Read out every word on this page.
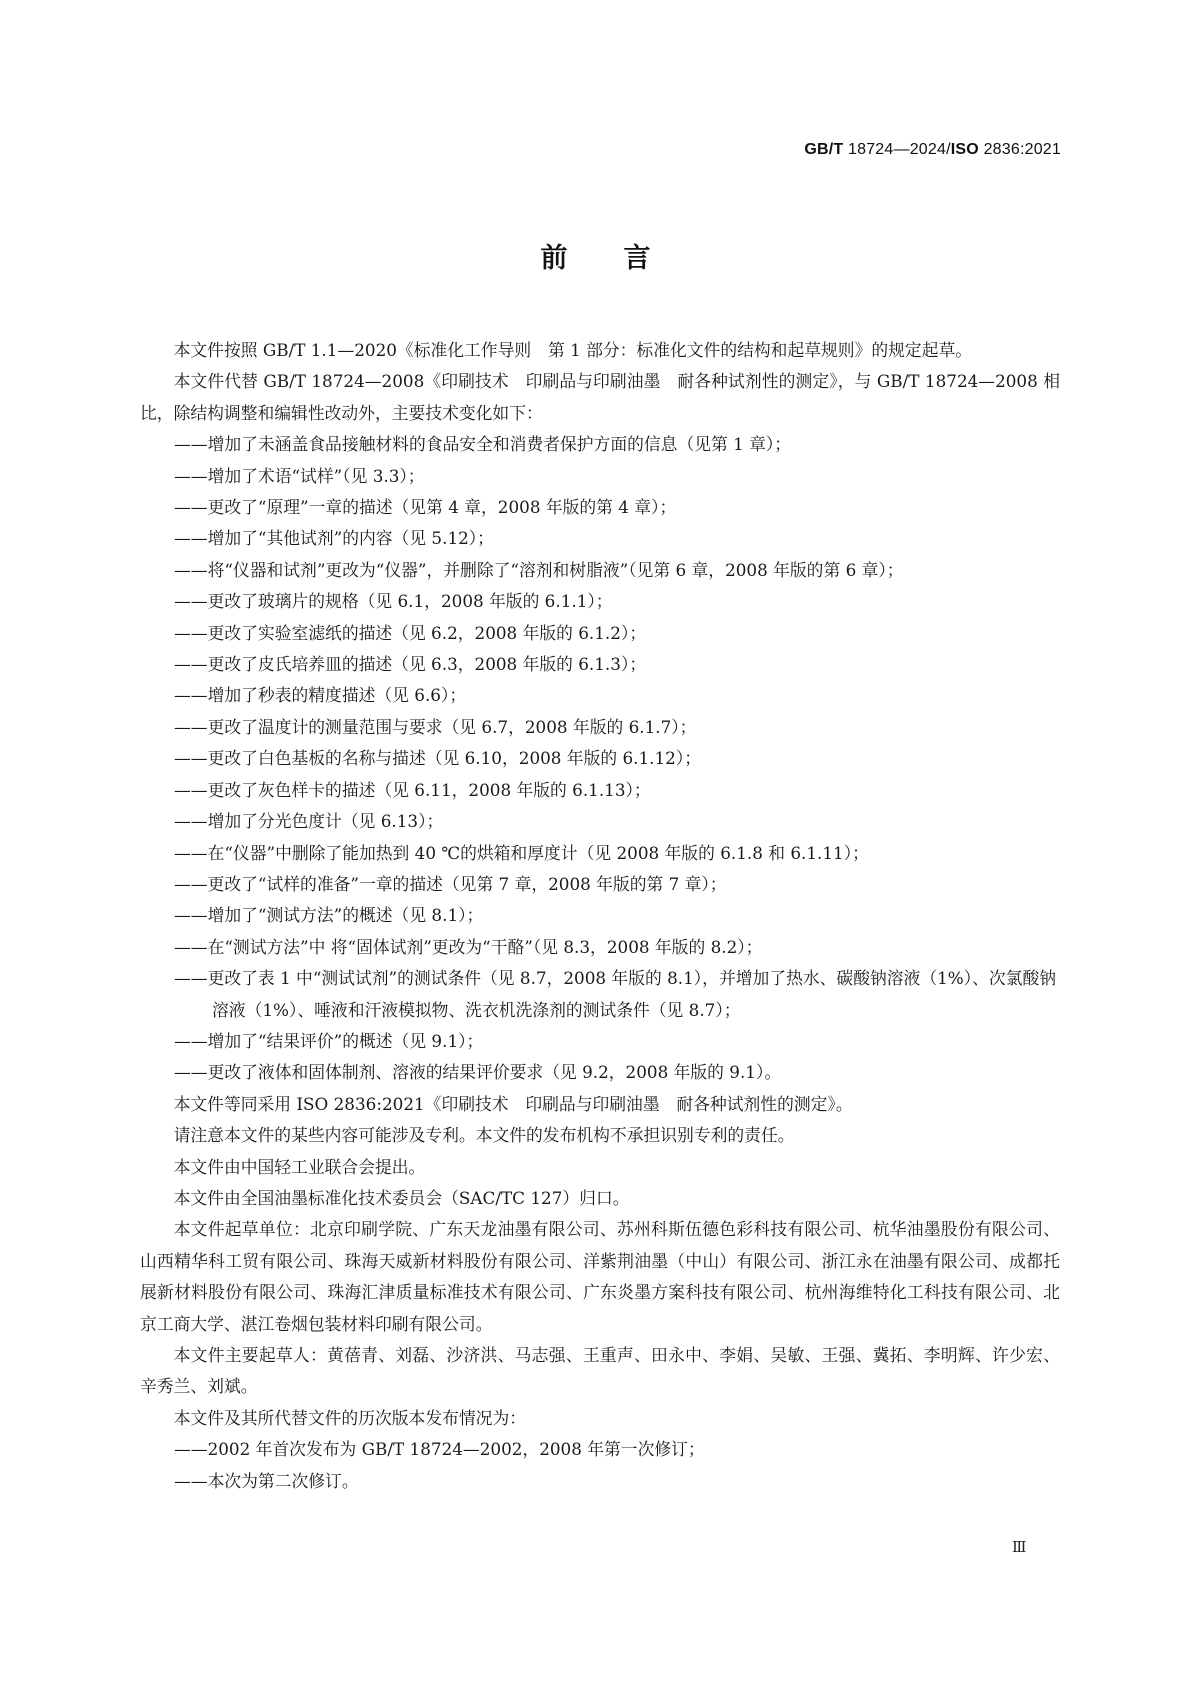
GB/T 18724—2024/ISO 2836:2021
前言

本文件按照 GB/T 1.1—2020《标准化工作导则　第 1 部分：标准化文件的结构和起草规则》的规定起草。

本文件代替 GB/T 18724—2008《印刷技术　印刷品与印刷油墨　耐各种试剂性的测定》，与 GB/T 18724—2008 相比，除结构调整和编辑性改动外，主要技术变化如下：

——增加了未涵盖食品接触材料的食品安全和消费者保护方面的信息（见第 1 章）；

——增加了术语“试样”（见 3.3）；

——更改了“原理”一章的描述（见第 4 章，2008 年版的第 4 章）；

——增加了“其他试剂”的内容（见 5.12）；

——将“仪器和试剂”更改为“仪器”，并删除了“溶剂和树脂液”（见第 6 章，2008 年版的第 6 章）；

——更改了玻璃片的规格（见 6.1，2008 年版的 6.1.1）；

——更改了实验室滤纸的描述（见 6.2，2008 年版的 6.1.2）；

——更改了皮氏培养皿的描述（见 6.3，2008 年版的 6.1.3）；

——增加了秒表的精度描述（见 6.6）；

——更改了温度计的测量范围与要求（见 6.7，2008 年版的 6.1.7）；

——更改了白色基板的名称与描述（见 6.10，2008 年版的 6.1.12）；

——更改了灰色样卡的描述（见 6.11，2008 年版的 6.1.13）；

——增加了分光色度计（见 6.13）；

——在“仪器”中删除了能加热到 40 ℃的烘箱和厚度计（见 2008 年版的 6.1.8 和 6.1.11）；

——更改了“试样的准备”一章的描述（见第 7 章，2008 年版的第 7 章）；

——增加了“测试方法”的概述（见 8.1）；

——在“测试方法”中 将“固体试剂”更改为“干酪”（见 8.3，2008 年版的 8.2）；

——更改了表 1 中“测试试剂”的测试条件（见 8.7，2008 年版的 8.1），并增加了热水、碳酸钠溶液（1%）、次氯酸钠溶液（1%）、唾液和汗液模拟物、洗衣机洗涤剂的测试条件（见 8.7）；

——增加了“结果评价”的概述（见 9.1）；

——更改了液体和固体制剂、溶液的结果评价要求（见 9.2，2008 年版的 9.1）。

本文件等同采用 ISO 2836:2021《印刷技术　印刷品与印刷油墨　耐各种试剂性的测定》。

请注意本文件的某些内容可能涉及专利。本文件的发布机构不承担识别专利的责任。

本文件由中国轻工业联合会提出。

本文件由全国油墨标准化技术委员会（SAC/TC 127）归口。

本文件起草单位：北京印刷学院、广东天龙油墨有限公司、苏州科斯伍德色彩科技有限公司、杭华油墨股份有限公司、山西精华科工贸有限公司、珠海天威新材料股份有限公司、洋紫荆油墨（中山）有限公司、浙江永在油墨有限公司、成都托展新材料股份有限公司、珠海汇津质量标准技术有限公司、广东炎墨方案科技有限公司、杭州海维特化工科技有限公司、北京工商大学、湛江卷烟包装材料印刷有限公司。

本文件主要起草人：黄蓓青、刘磊、沙济洪、马志强、王重声、田永中、李娟、吴敏、王强、冀拓、李明辉、许少宏、辛秀兰、刘斌。

本文件及其所代替文件的历次版本发布情况为：

——2002 年首次发布为 GB/T 18724—2002，2008 年第一次修订；

——本次为第二次修订。

Ⅲ
